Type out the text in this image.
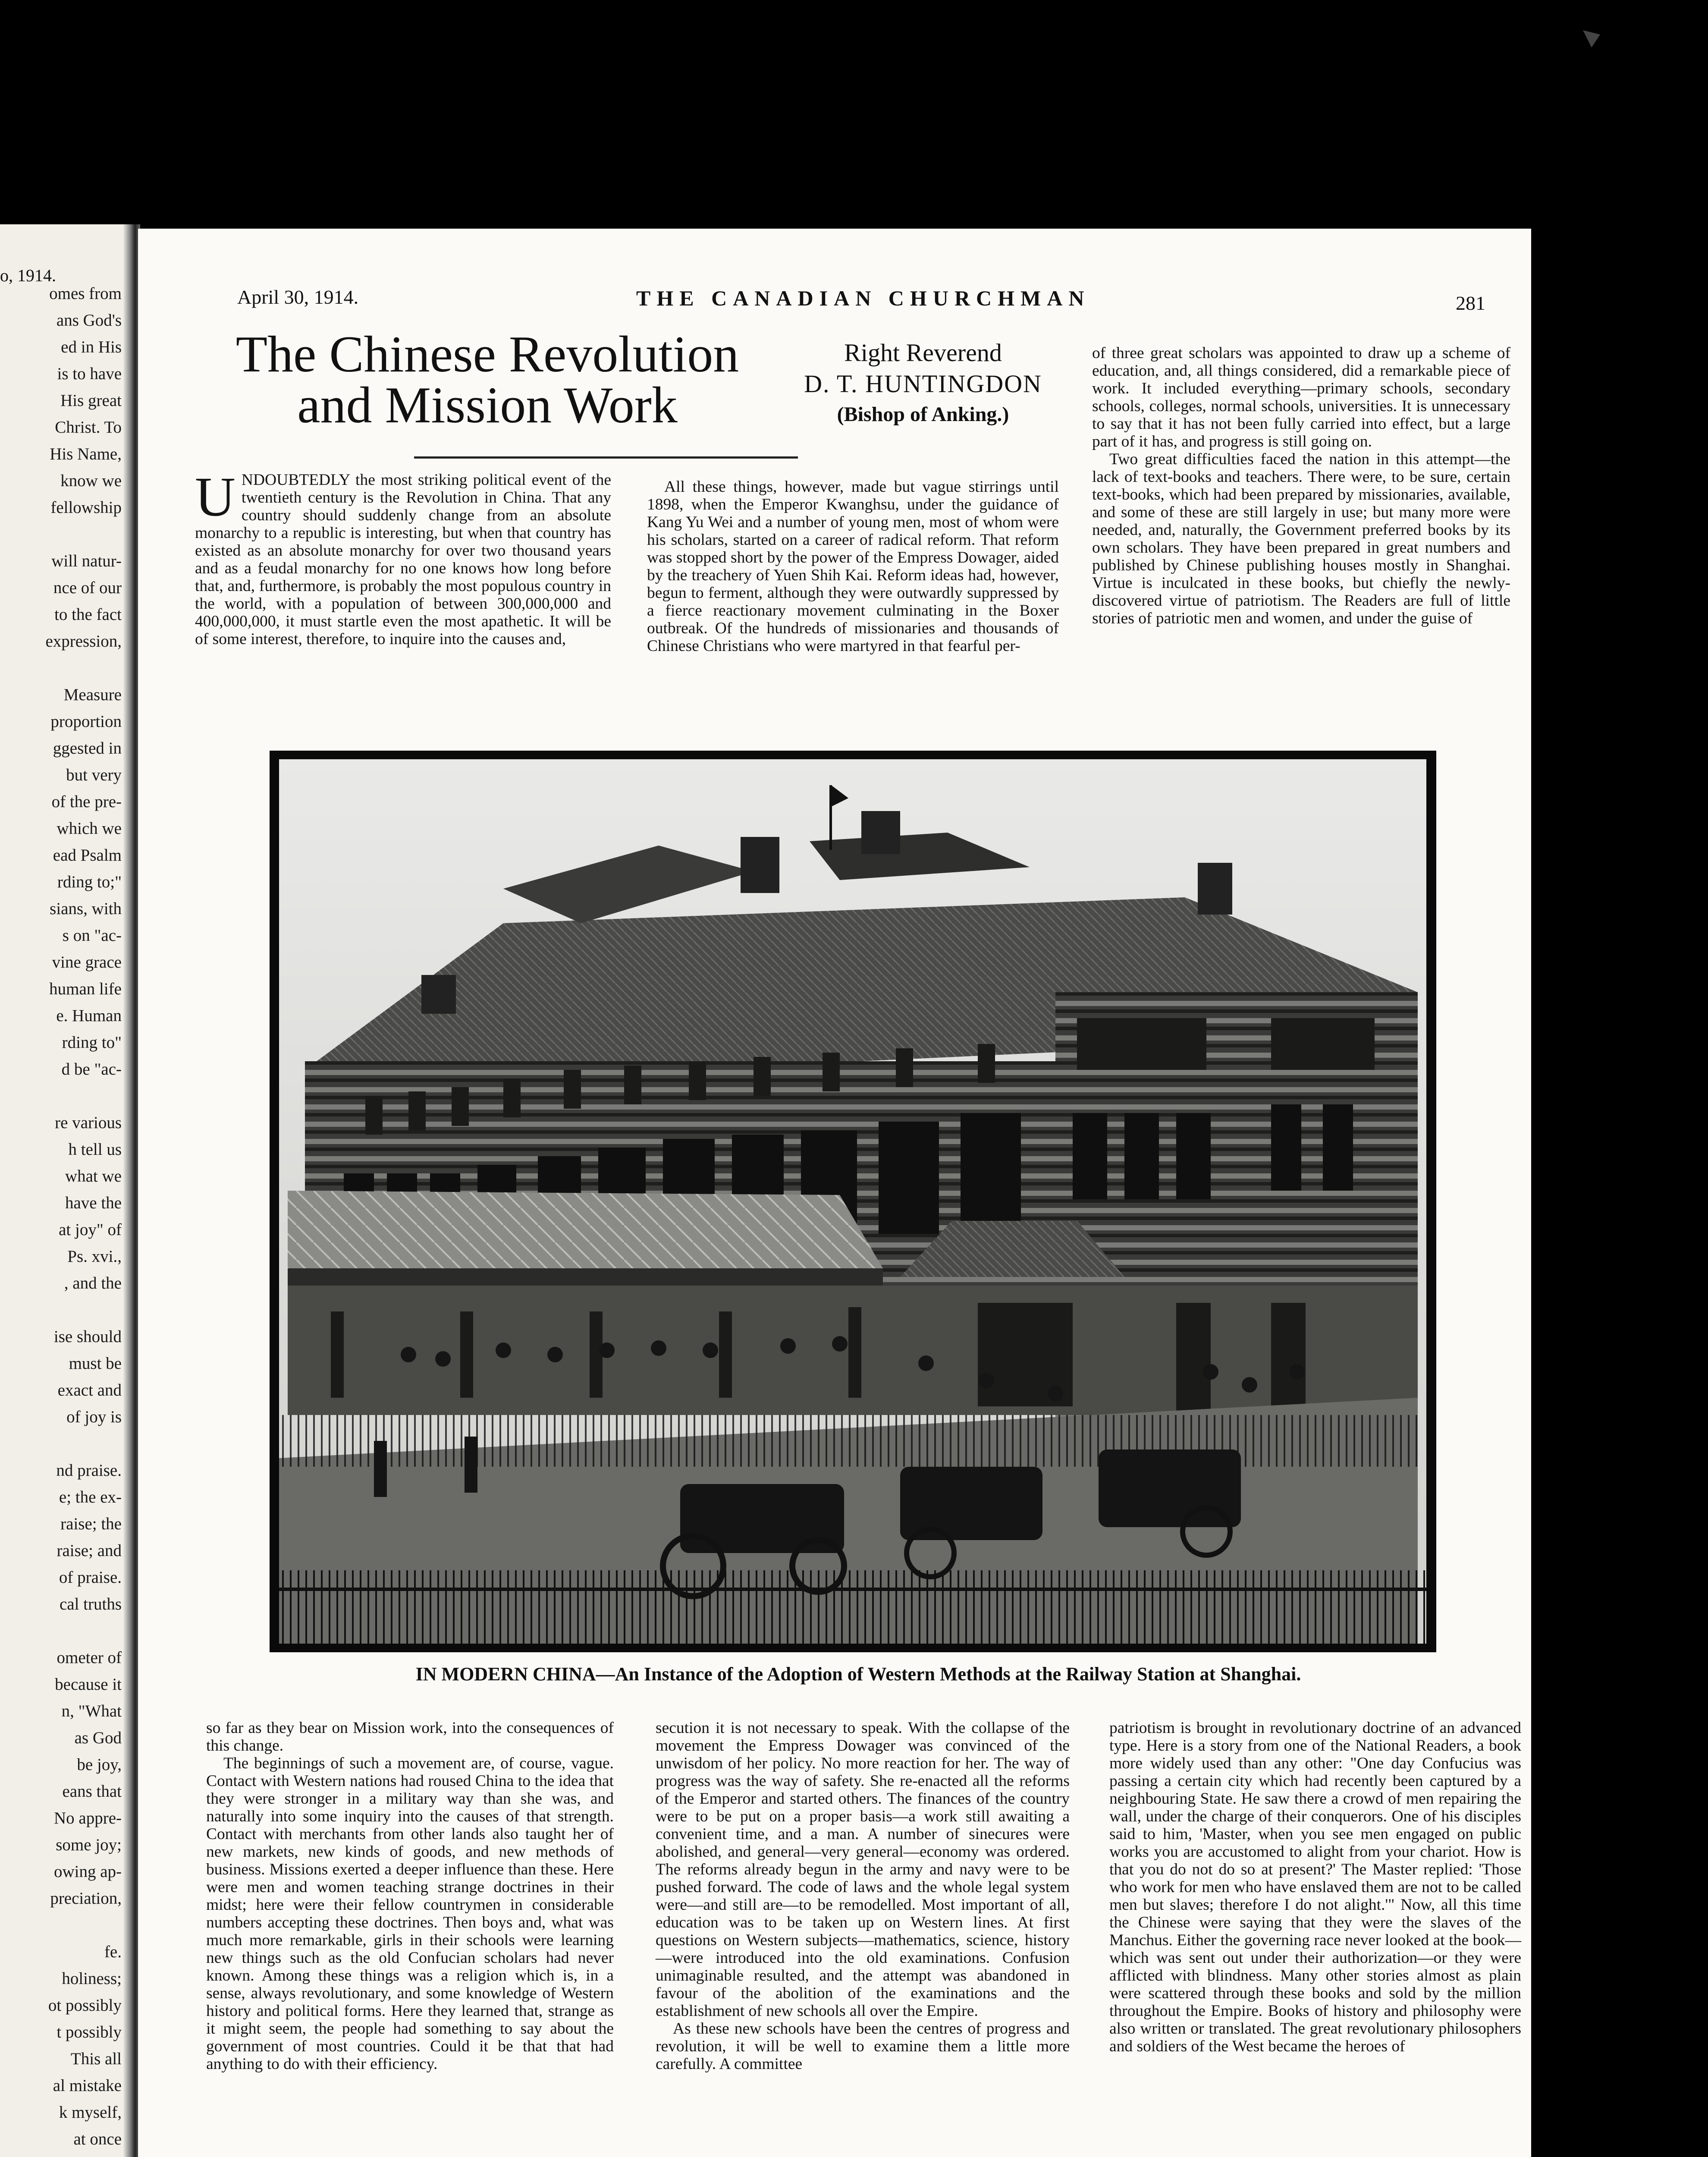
o, 1914.
omes from
ans God's
ed in His
is to have
His great
Christ. To
His Name,
know we
fellowship
will natur-
nce of our
to the fact
expression,
Measure
proportion
ggested in
but very
of the pre-
which we
ead Psalm
rding to;"
sians, with
s on "ac-
vine grace
human life
e. Human
rding to"
d be "ac-
re various
h tell us
what we
have the
at joy" of
Ps. xvi.,
, and the
ise should
must be
exact and
of joy is
nd praise.
e; the ex-
raise; the
raise; and
of praise.
cal truths
ometer of
because it
n, "What
as God
be joy,
eans that
No appre-
some joy;
owing ap-
preciation,
fe.
holiness;
ot possibly
t possibly
This all
al mistake
k myself,
at once
April 30, 1914.	THE CANADIAN CHURCHMAN	281
The Chinese Revolution
and Mission Work
Right Reverend
D. T. HUNTINGDON
(Bishop of Anking.)

UNDOUBTEDLY the most striking political event of the twentieth century is the Revolution in China. That any country should suddenly change from an absolute monarchy to a republic is interesting, but when that country has existed as an absolute monarchy for over two thousand years and as a feudal monarchy for no one knows how long before that, and, furthermore, is probably the most populous country in the world, with a population of between 300,000,000 and 400,000,000, it must startle even the most apathetic. It will be of some interest, therefore, to inquire into the causes and,

All these things, however, made but vague stirrings until 1898, when the Emperor Kwanghsu, under the guidance of Kang Yu Wei and a number of young men, most of whom were his scholars, started on a career of radical reform. That reform was stopped short by the power of the Empress Dowager, aided by the treachery of Yuen Shih Kai. Reform ideas had, however, begun to ferment, although they were outwardly suppressed by a fierce reactionary movement culminating in the Boxer outbreak. Of the hundreds of missionaries and thousands of Chinese Christians who were martyred in that fearful per-

of three great scholars was appointed to draw up a scheme of education, and, all things considered, did a remarkable piece of work. It included everything—primary schools, secondary schools, colleges, normal schools, universities. It is unnecessary to say that it has not been fully carried into effect, but a large part of it has, and progress is still going on.

Two great difficulties faced the nation in this attempt—the lack of text-books and teachers. There were, to be sure, certain text-books, which had been prepared by missionaries, available, and some of these are still largely in use; but many more were needed, and, naturally, the Government preferred books by its own scholars. They have been prepared in great numbers and published by Chinese publishing houses mostly in Shanghai. Virtue is inculcated in these books, but chiefly the newly-discovered virtue of patriotism. The Readers are full of little stories of patriotic men and women, and under the guise of

IN MODERN CHINA—An Instance of the Adoption of Western Methods at the Railway Station at Shanghai.

so far as they bear on Mission work, into the consequences of this change.

The beginnings of such a movement are, of course, vague. Contact with Western nations had roused China to the idea that they were stronger in a military way than she was, and naturally into some inquiry into the causes of that strength. Contact with merchants from other lands also taught her of new markets, new kinds of goods, and new methods of business. Missions exerted a deeper influence than these. Here were men and women teaching strange doctrines in their midst; here were their fellow countrymen in considerable numbers accepting these doctrines. Then boys and, what was much more remarkable, girls in their schools were learning new things such as the old Confucian scholars had never known. Among these things was a religion which is, in a sense, always revolutionary, and some knowledge of Western history and political forms. Here they learned that, strange as it might seem, the people had something to say about the government of most countries. Could it be that that had anything to do with their efficiency.

secution it is not necessary to speak. With the collapse of the movement the Empress Dowager was convinced of the unwisdom of her policy. No more reaction for her. The way of progress was the way of safety. She re-enacted all the reforms of the Emperor and started others. The finances of the country were to be put on a proper basis—a work still awaiting a convenient time, and a man. A number of sinecures were abolished, and general—very general—economy was ordered. The reforms already begun in the army and navy were to be pushed forward. The code of laws and the whole legal system were—and still are—to be remodelled. Most important of all, education was to be taken up on Western lines. At first questions on Western subjects—mathematics, science, history—were introduced into the old examinations. Confusion unimaginable resulted, and the attempt was abandoned in favour of the abolition of the examinations and the establishment of new schools all over the Empire.

As these new schools have been the centres of progress and revolution, it will be well to examine them a little more carefully. A committee

patriotism is brought in revolutionary doctrine of an advanced type. Here is a story from one of the National Readers, a book more widely used than any other: "One day Confucius was passing a certain city which had recently been captured by a neighbouring State. He saw there a crowd of men repairing the wall, under the charge of their conquerors. One of his disciples said to him, 'Master, when you see men engaged on public works you are accustomed to alight from your chariot. How is that you do not do so at present?' The Master replied: 'Those who work for men who have enslaved them are not to be called men but slaves; therefore I do not alight.'" Now, all this time the Chinese were saying that they were the slaves of the Manchus. Either the governing race never looked at the book—which was sent out under their authorization—or they were afflicted with blindness. Many other stories almost as plain were scattered through these books and sold by the million throughout the Empire. Books of history and philosophy were also written or translated. The great revolutionary philosophers and soldiers of the West became the heroes of
